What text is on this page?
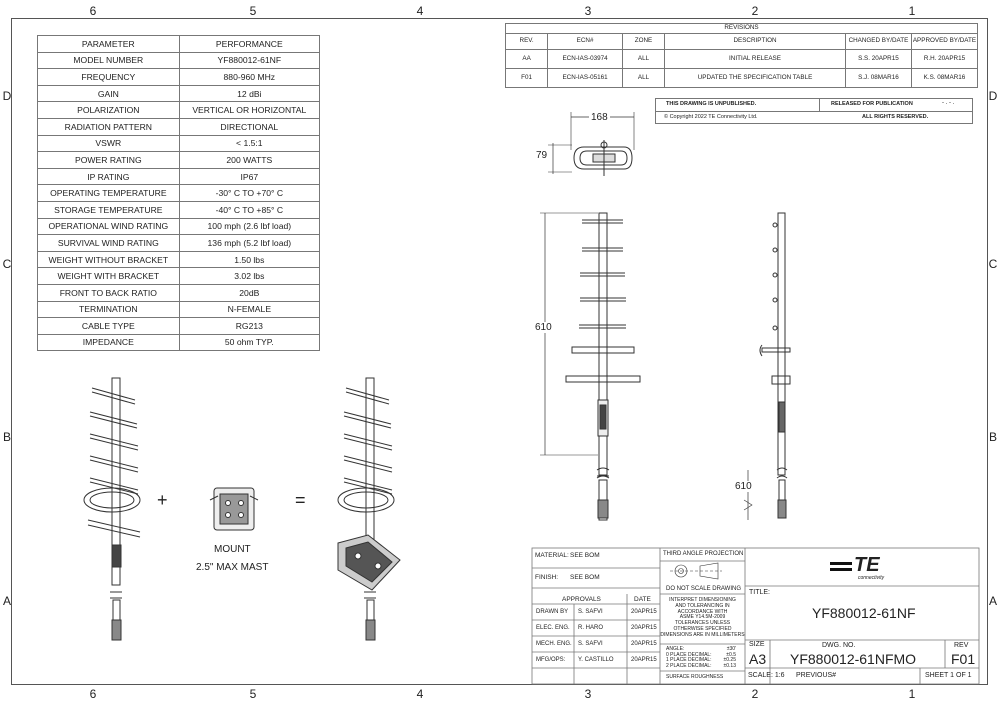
6	5	4	3	2	1
6	5	4	3	2	1
D
C
B
A
D
C
B
A
PARAMETER	PERFORMANCE
MODEL NUMBER	YF880012-61NF
FREQUENCY	880-960 MHz
GAIN	12 dBi
POLARIZATION	VERTICAL OR HORIZONTAL
RADIATION PATTERN	DIRECTIONAL
VSWR	< 1.5:1
POWER RATING	200 WATTS
IP RATING	IP67
OPERATING TEMPERATURE	-30° C TO +70° C
STORAGE TEMPERATURE	-40° C TO +85° C
OPERATIONAL WIND RATING	100 mph (2.6 lbf load)
SURVIVAL WIND RATING	136 mph (5.2 lbf load)
WEIGHT WITHOUT BRACKET	1.50 lbs
WEIGHT WITH BRACKET	3.02 lbs
FRONT TO BACK RATIO	20dB
TERMINATION	N-FEMALE
CABLE TYPE	RG213
IMPEDANCE	50 ohm TYP.
REVISIONS					
REV.	ECN#	ZONE	DESCRIPTION	CHANGED BY/DATE	APPROVED BY/DATE
AA	ECN-IAS-03974	ALL	INITIAL RELEASE	S.S. 20APR15	R.H. 20APR15
F01	ECN-IAS-05161	ALL	UPDATED THE SPECIFICATION TABLE	S.J. 08MAR16	K.S. 08MAR16
THIS DRAWING IS UNPUBLISHED.	RELEASED FOR PUBLICATION	- . - .
© Copyright 2022 TE Connectivity Ltd.	ALL RIGHTS RESERVED.
168
79
610
610
+	=
MOUNT
2.5" MAX MAST
MATERIAL: SEE BOM
FINISH: SEE BOM
APPROVALS	DATE
DRAWN BY S. SAFVI	20APR15
ELEC. ENG. R. HARO	20APR15
MECH. ENG. S. SAFVI	20APR15
MFG/OPS: Y. CASTILLO	20APR15
THIRD ANGLE PROJECTION
DO NOT SCALE DRAWING
INTERPRET DIMENSIONING
AND TOLERANCING IN
ACCORDANCE WITH
ASME Y14.5M-2009
TOLERANCES UNLESS
OTHERWISE SPECIFIED
DIMENSIONS ARE IN MILLIMETERS
ANGLE:	±30'
0 PLACE DECIMAL:	±0.5
1 PLACE DECIMAL: ±0.25
2 PLACE DECIMAL: ±0.13
SURFACE ROUGHNESS
TE
connectivity
TITLE:
YF880012-61NF
SIZE
A3
DWG. NO.
YF880012-61NFMO
REV
F01
SCALE: 1:6 PREVIOUS#	SHEET 1 OF 1
